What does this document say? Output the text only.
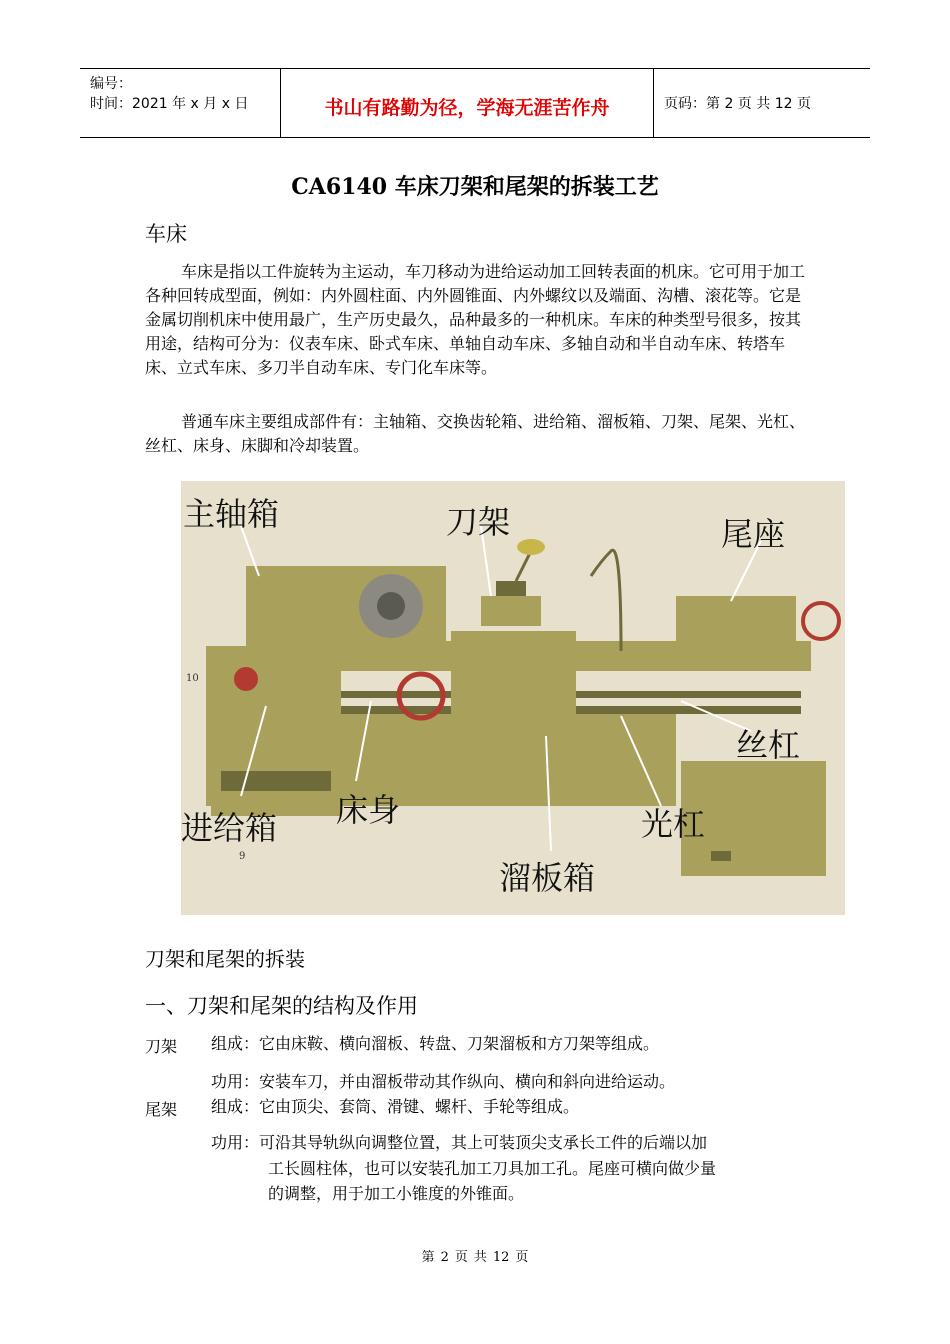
编号：
时间：2021 年 x 月 x 日	书山有路勤为径，学海无涯苦作舟	页码：第 2 页 共 12 页
CA6140 车床刀架和尾架的拆装工艺
车床
车床是指以工件旋转为主运动，车刀移动为进给运动加工回转表面的机床。它可用于加工各种回转成型面，例如：内外圆柱面、内外圆锥面、内外螺纹以及端面、沟槽、滚花等。它是金属切削机床中使用最广，生产历史最久，品种最多的一种机床。车床的种类型号很多，按其用途，结构可分为：仪表车床、卧式车床、单轴自动车床、多轴自动和半自动车床、转塔车床、立式车床、多刀半自动车床、专门化车床等。
普通车床主要组成部件有：主轴箱、交换齿轮箱、进给箱、溜板箱、刀架、尾架、光杠、丝杠、床身、床脚和冷却装置。
主轴箱	刀架	尾座
丝杠
床身
进给箱	光杠
溜板箱
10
9
刀架和尾架的拆装
一、刀架和尾架的结构及作用
刀架 组成：它由床鞍、横向溜板、转盘、刀架溜板和方刀架等组成。
功用：安装车刀，并由溜板带动其作纵向、横向和斜向进给运动。
尾架 组成：它由顶尖、套筒、滑键、螺杆、手轮等组成。
功用：可沿其导轨纵向调整位置，其上可装顶尖支承长工件的后端以加
工长圆柱体，也可以安装孔加工刀具加工孔。尾座可横向做少量
的调整，用于加工小锥度的外锥面。
第 2 页 共 12 页
